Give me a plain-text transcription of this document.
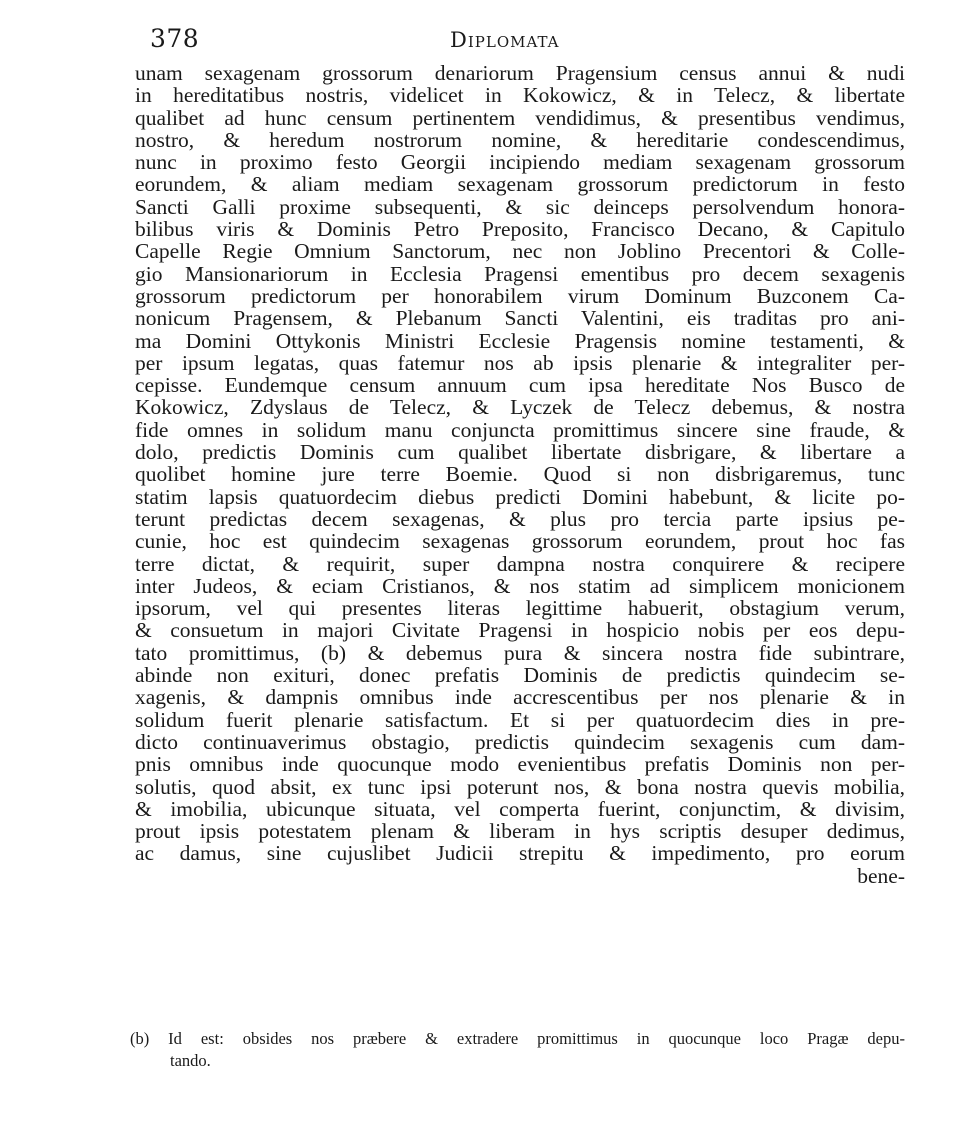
378	Diplomata
unam sexagenam grossorum denariorum Pragensium census annui & nudi
in hereditatibus nostris, videlicet in Kokowicz, & in Telecz, & libertate
qualibet ad hunc censum pertinentem vendidimus, & presentibus vendimus,
nostro, & heredum nostrorum nomine, & hereditarie condescendimus,
nunc in proximo festo Georgii incipiendo mediam sexagenam grossorum
eorundem, & aliam mediam sexagenam grossorum predictorum in festo
Sancti Galli proxime subsequenti, & sic deinceps persolvendum honora-
bilibus viris & Dominis Petro Preposito, Francisco Decano, & Capitulo
Capelle Regie Omnium Sanctorum, nec non Joblino Precentori & Colle-
gio Mansionariorum in Ecclesia Pragensi ementibus pro decem sexagenis
grossorum predictorum per honorabilem virum Dominum Buzconem Ca-
nonicum Pragensem, & Plebanum Sancti Valentini, eis traditas pro ani-
ma Domini Ottykonis Ministri Ecclesie Pragensis nomine testamenti, &
per ipsum legatas, quas fatemur nos ab ipsis plenarie & integraliter per-
cepisse. Eundemque censum annuum cum ipsa hereditate Nos Busco de
Kokowicz, Zdyslaus de Telecz, & Lyczek de Telecz debemus, & nostra
fide omnes in solidum manu conjuncta promittimus sincere sine fraude, &
dolo, predictis Dominis cum qualibet libertate disbrigare, & libertare a
quolibet homine jure terre Boemie. Quod si non disbrigaremus, tunc
statim lapsis quatuordecim diebus predicti Domini habebunt, & licite po-
terunt predictas decem sexagenas, & plus pro tercia parte ipsius pe-
cunie, hoc est quindecim sexagenas grossorum eorundem, prout hoc fas
terre dictat, & requirit, super dampna nostra conquirere & recipere
inter Judeos, & eciam Cristianos, & nos statim ad simplicem monicionem
ipsorum, vel qui presentes literas legittime habuerit, obstagium verum,
& consuetum in majori Civitate Pragensi in hospicio nobis per eos depu-
tato promittimus, (b) & debemus pura & sincera nostra fide subintrare,
abinde non exituri, donec prefatis Dominis de predictis quindecim se-
xagenis, & dampnis omnibus inde accrescentibus per nos plenarie & in
solidum fuerit plenarie satisfactum. Et si per quatuordecim dies in pre-
dicto continuaverimus obstagio, predictis quindecim sexagenis cum dam-
pnis omnibus inde quocunque modo evenientibus prefatis Dominis non per-
solutis, quod absit, ex tunc ipsi poterunt nos, & bona nostra quevis mobilia,
& imobilia, ubicunque situata, vel comperta fuerint, conjunctim, & divisim,
prout ipsis potestatem plenam & liberam in hys scriptis desuper dedimus,
ac damus, sine cujuslibet Judicii strepitu & impedimento, pro eorum
bene-
(b) Id est: obsides nos præbere & extradere promittimus in quocunque loco Pragæ depu-
tando.
